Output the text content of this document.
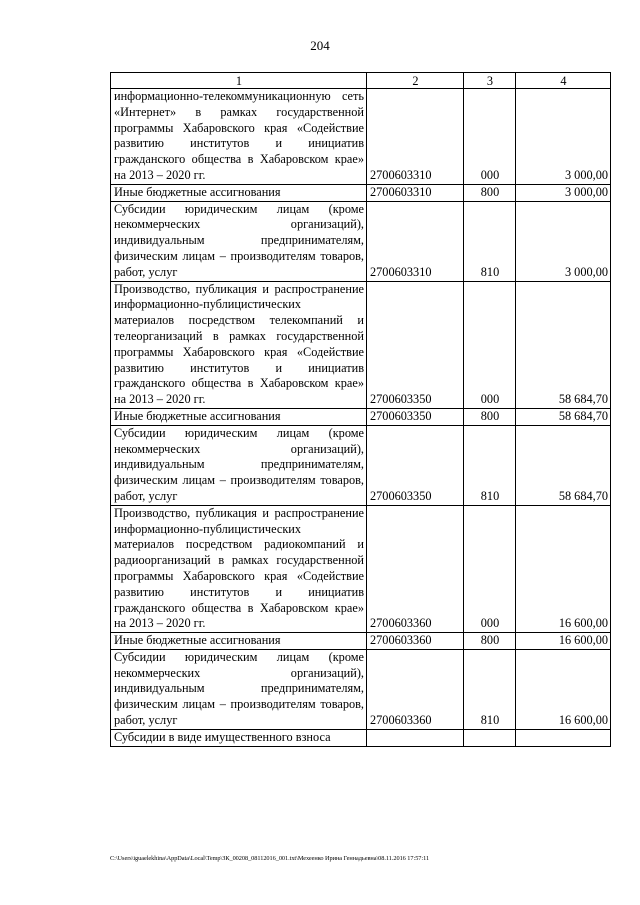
204
1	2	3	4
информационно-телекоммуникационную сеть «Интернет» в рамках государственной программы Хабаровского края «Содействие развитию институтов и инициатив гражданского общества в Хабаровском крае» на 2013 – 2020 гг.	2700603310	000	3 000,00
Иные бюджетные ассигнования	2700603310	800	3 000,00
Субсидии юридическим лицам (кроме некоммерческих организаций), индивидуальным предпринимателям, физическим лицам – производителям товаров, работ, услуг	2700603310	810	3 000,00
Производство, публикация и распространение информационно-публицистических материалов посредством телекомпаний и телеорганизаций в рамках государственной программы Хабаровского края «Содействие развитию институтов и инициатив гражданского общества в Хабаровском крае» на 2013 – 2020 гг.	2700603350	000	58 684,70
Иные бюджетные ассигнования	2700603350	800	58 684,70
Субсидии юридическим лицам (кроме некоммерческих организаций), индивидуальным предпринимателям, физическим лицам – производителям товаров, работ, услуг	2700603350	810	58 684,70
Производство, публикация и распространение информационно-публицистических материалов посредством радиокомпаний и радиоорганизаций в рамках государственной программы Хабаровского края «Содействие развитию институтов и инициатив гражданского общества в Хабаровском крае» на 2013 – 2020 гг.	2700603360	000	16 600,00
Иные бюджетные ассигнования	2700603360	800	16 600,00
Субсидии юридическим лицам (кроме некоммерческих организаций), индивидуальным предпринимателям, физическим лицам – производителям товаров, работ, услуг	2700603360	810	16 600,00
Субсидии в виде имущественного взноса			
C:\Users\iguaelekhina\AppData\Local\Temp\ЗК_00208_08112016_001.txt\Мехеенко Ирина Геннадьевна\08.11.2016 17:57:11
